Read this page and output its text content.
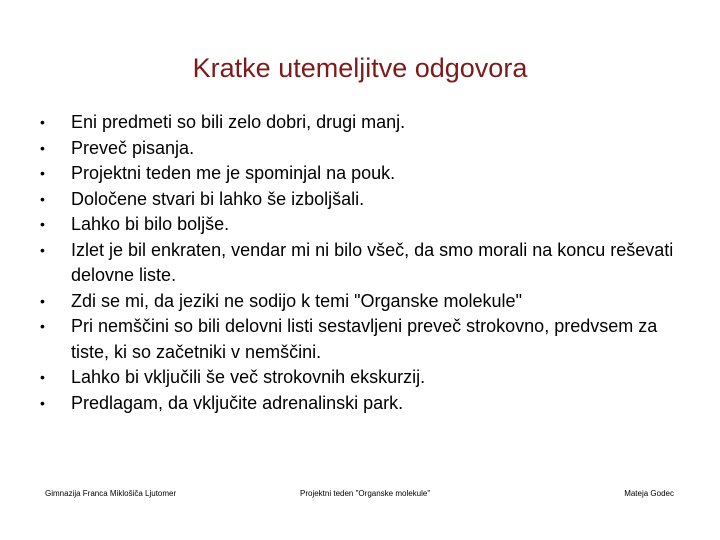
Kratke utemeljitve odgovora
•	Eni predmeti so bili zelo dobri, drugi manj.
•	Preveč pisanja.
•	Projektni teden me je spominjal na pouk.
•	Določene stvari bi lahko še izboljšali.
•	Lahko bi bilo boljše.
•	Izlet je bil enkraten, vendar mi ni bilo všeč, da smo morali na koncu reševati delovne liste.
•	Zdi se mi, da jeziki ne sodijo k temi "Organske molekule"
•	Pri nemščini so bili delovni listi sestavljeni preveč strokovno, predvsem za tiste, ki so začetniki v nemščini.
•	Lahko bi vključili še več strokovnih ekskurzij.
•	Predlagam, da vključite adrenalinski park.
Gimnazija Franca Miklošiča Ljutomer	Projektni teden "Organske molekule"	Mateja Godec
